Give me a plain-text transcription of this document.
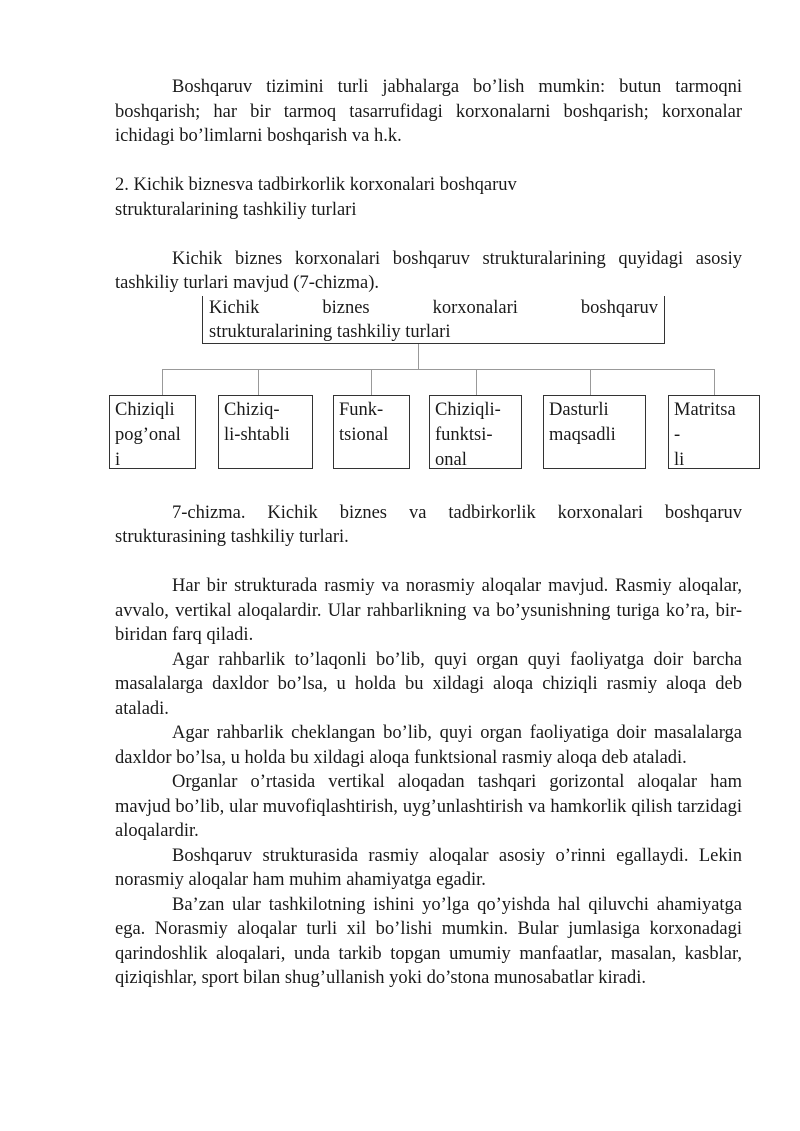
Boshqaruv tizimini turli jabhalarga bo’lish mumkin: butun tarmoqni boshqarish; har bir tarmoq tasarrufidagi korxonalarni boshqarish; korxonalar ichidagi bo’limlarni boshqarish va h.k.

2. Kichik biznesva tadbirkorlik korxonalari boshqaruv strukturalarining tashkiliy turlari

Kichik biznes korxonalari boshqaruv strukturalarining quyidagi asosiy tashkiliy turlari mavjud (7-chizma).

Kichik	biznes	korxonalari	boshqaruv
strukturalarining tashkiliy turlari
Chiziqli
pog’onal
i
Chiziq-
li-shtabli
Funk-
tsional
Chiziqli-
funktsi-
onal
Dasturli
maqsadli
Matritsa
-
li

7-chizma. Kichik biznes va tadbirkorlik korxonalari boshqaruv strukturasining tashkiliy turlari.

Har bir strukturada rasmiy va norasmiy aloqalar mavjud. Rasmiy aloqalar, avvalo, vertikal aloqalardir. Ular rahbarlikning va bo’ysunishning turiga ko’ra, bir-biridan farq qiladi.

Agar rahbarlik to’laqonli bo’lib, quyi organ quyi faoliyatga doir barcha masalalarga daxldor bo’lsa, u holda bu xildagi aloqa chiziqli rasmiy aloqa deb ataladi.

Agar rahbarlik cheklangan bo’lib, quyi organ faoliyatiga doir masalalarga daxldor bo’lsa, u holda bu xildagi aloqa funktsional rasmiy aloqa deb ataladi.

Organlar o’rtasida vertikal aloqadan tashqari gorizontal aloqalar ham mavjud bo’lib, ular muvofiqlashtirish, uyg’unlashtirish va hamkorlik qilish tarzidagi aloqalardir.

Boshqaruv strukturasida rasmiy aloqalar asosiy o’rinni egallaydi. Lekin norasmiy aloqalar ham muhim ahamiyatga egadir.

Ba’zan ular tashkilotning ishini yo’lga qo’yishda hal qiluvchi ahamiyatga ega. Norasmiy aloqalar turli xil bo’lishi mumkin. Bular jumlasiga korxonadagi qarindoshlik aloqalari, unda tarkib topgan umumiy manfaatlar, masalan, kasblar, qiziqishlar, sport bilan shug’ullanish yoki do’stona munosabatlar kiradi.
